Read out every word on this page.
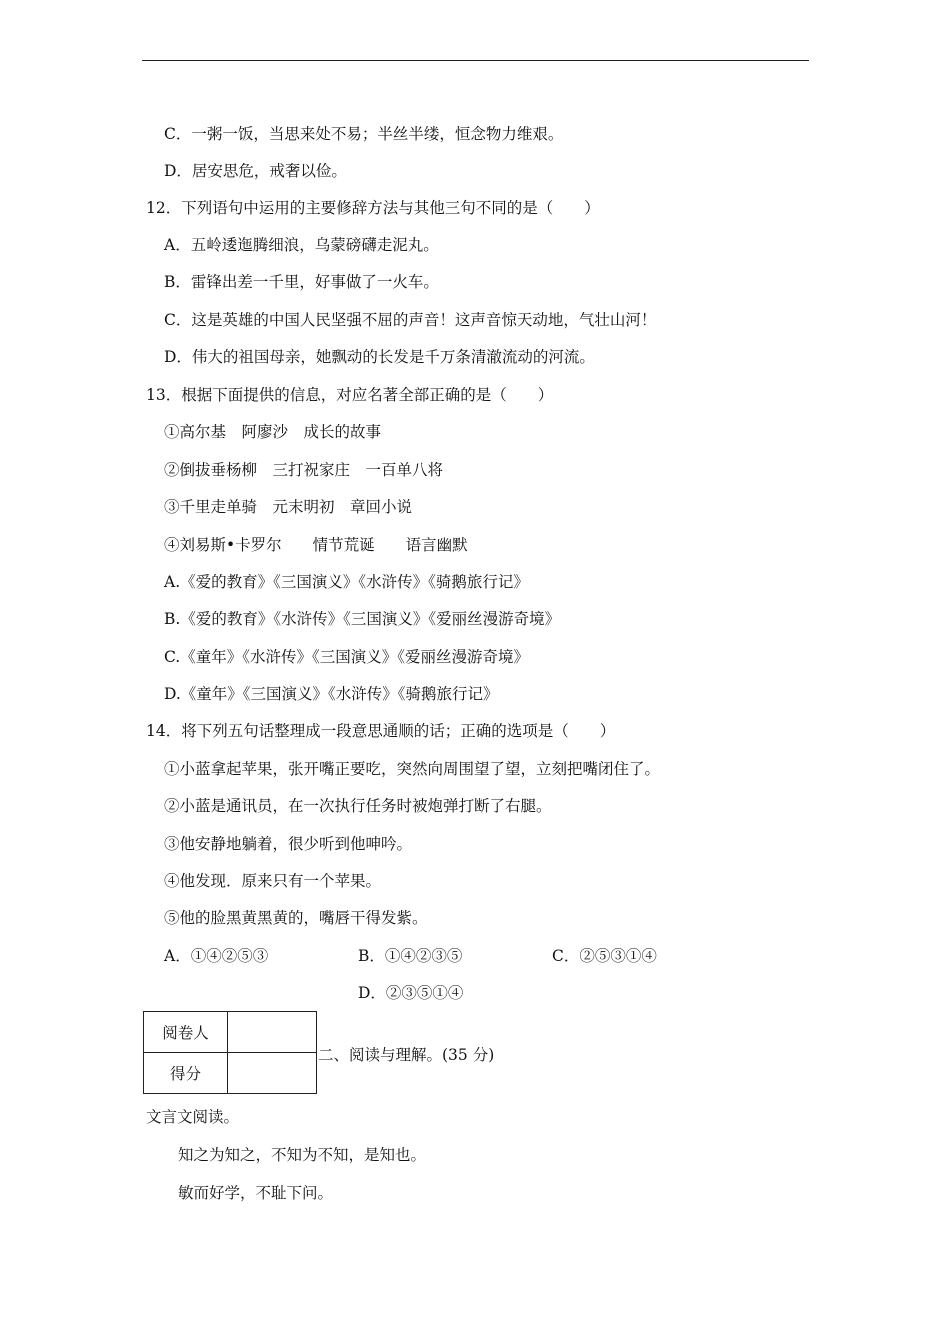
C．一粥一饭，当思来处不易；半丝半缕，恒念物力维艰。
D．居安思危，戒奢以俭。
12．下列语句中运用的主要修辞方法与其他三句不同的是（　　）
A．五岭逶迤腾细浪，乌蒙磅礴走泥丸。
B．雷锋出差一千里，好事做了一火车。
C．这是英雄的中国人民坚强不屈的声音！这声音惊天动地，气壮山河！
D．伟大的祖国母亲，她飘动的长发是千万条清澈流动的河流。
13．根据下面提供的信息，对应名著全部正确的是（　　）
①高尔基　阿廖沙　成长的故事
②倒拔垂杨柳　三打祝家庄　一百单八将
③千里走单骑　元末明初　章回小说
④刘易斯•卡罗尔　　情节荒诞　　语言幽默
A.《爱的教育》《三国演义》《水浒传》《骑鹅旅行记》
B.《爱的教育》《水浒传》《三国演义》《爱丽丝漫游奇境》
C.《童年》《水浒传》《三国演义》《爱丽丝漫游奇境》
D.《童年》《三国演义》《水浒传》《骑鹅旅行记》
14．将下列五句话整理成一段意思通顺的话；正确的选项是（　　）
①小蓝拿起苹果，张开嘴正要吃，突然向周围望了望，立刻把嘴闭住了。
②小蓝是通讯员，在一次执行任务时被炮弹打断了右腿。
③他安静地躺着，很少听到他呻吟。
④他发现．原来只有一个苹果。
⑤他的脸黑黄黑黄的，嘴唇干得发紫。
A．①④②⑤③	B．①④②③⑤	C．②⑤③①④
D．②③⑤①④
阅卷人	
得分	
二、阅读与理解。(35 分)
文言文阅读。
知之为知之，不知为不知，是知也。
敏而好学，不耻下问。
